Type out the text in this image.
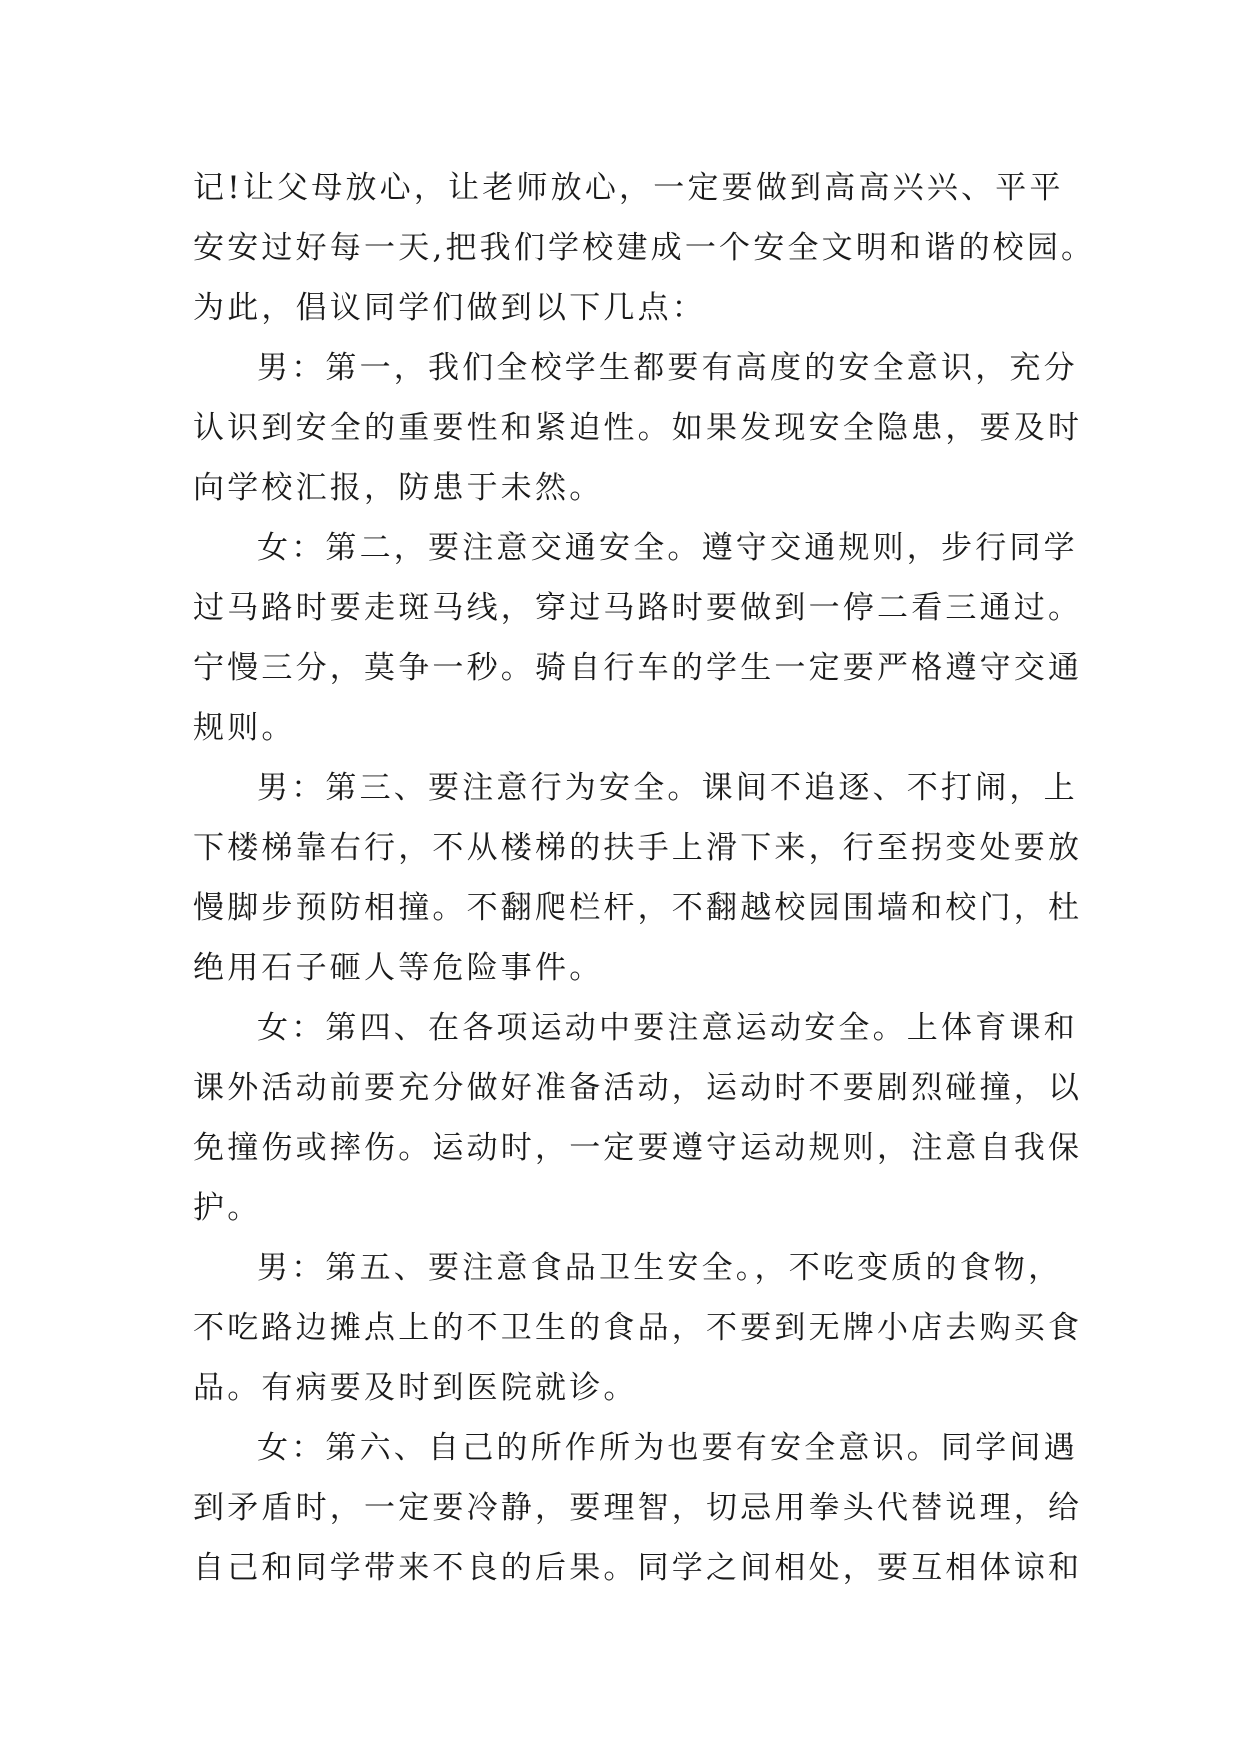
记!让父母放心，让老师放心，一定要做到高高兴兴、平平
安安过好每一天,把我们学校建成一个安全文明和谐的校园。
为此，倡议同学们做到以下几点：
男：第一，我们全校学生都要有高度的安全意识，充分
认识到安全的重要性和紧迫性。如果发现安全隐患，要及时
向学校汇报，防患于未然。
女：第二，要注意交通安全。遵守交通规则，步行同学
过马路时要走斑马线，穿过马路时要做到一停二看三通过。
宁慢三分，莫争一秒。骑自行车的学生一定要严格遵守交通
规则。
男：第三、要注意行为安全。课间不追逐、不打闹，上
下楼梯靠右行，不从楼梯的扶手上滑下来，行至拐变处要放
慢脚步预防相撞。不翻爬栏杆，不翻越校园围墙和校门，杜
绝用石子砸人等危险事件。
女：第四、在各项运动中要注意运动安全。上体育课和
课外活动前要充分做好准备活动，运动时不要剧烈碰撞，以
免撞伤或摔伤。运动时，一定要遵守运动规则，注意自我保
护。
男：第五、要注意食品卫生安全。，不吃变质的食物，
不吃路边摊点上的不卫生的食品，不要到无牌小店去购买食
品。有病要及时到医院就诊。
女：第六、自己的所作所为也要有安全意识。同学间遇
到矛盾时，一定要冷静，要理智，切忌用拳头代替说理，给
自己和同学带来不良的后果。同学之间相处，要互相体谅和
